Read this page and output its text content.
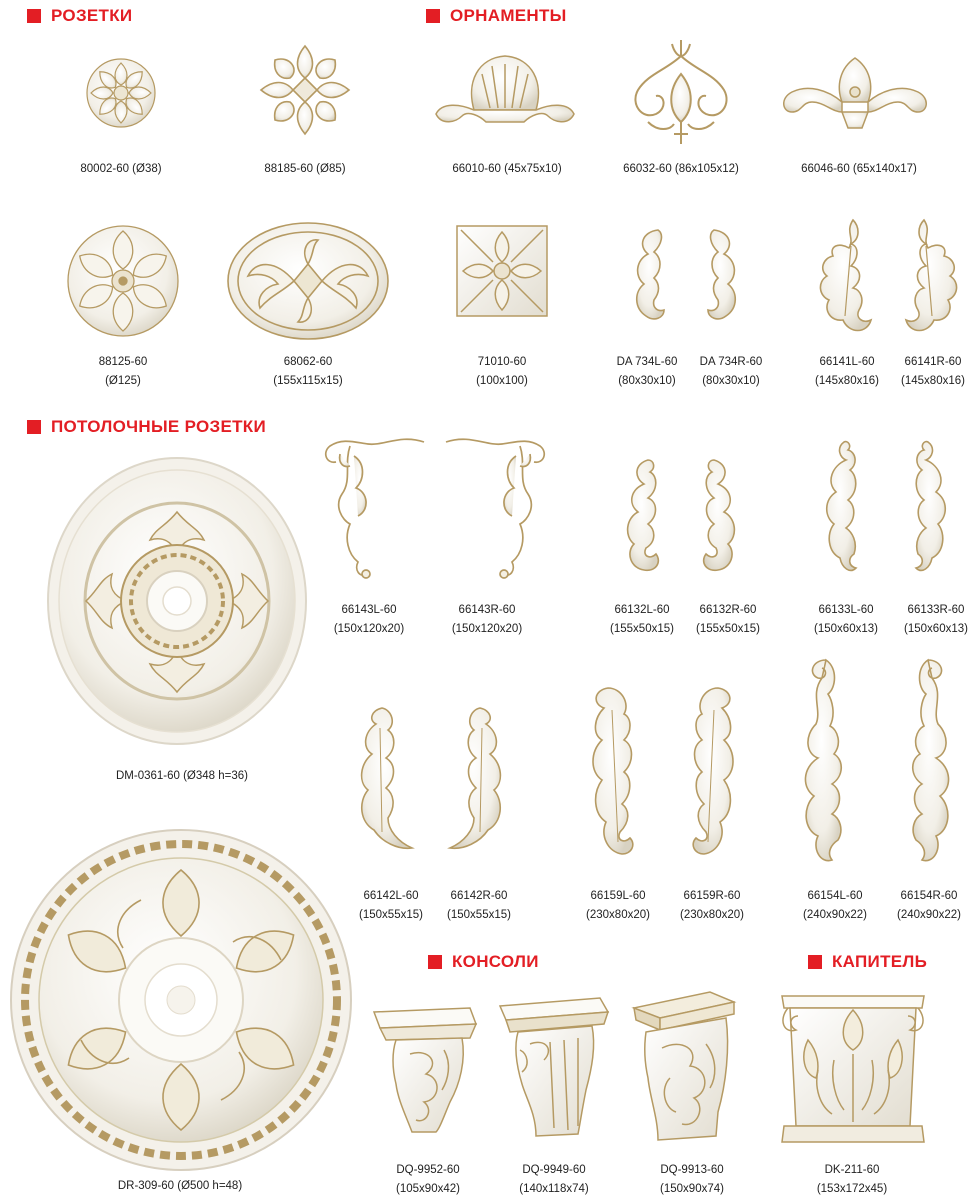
РОЗЕТКИ	ОРНАМЕНТЫ
ПОТОЛОЧНЫЕ РОЗЕТКИ
КОНСОЛИ	КАПИТЕЛЬ
80002-60 (Ø38)	88185-60 (Ø85)	66010-60 (45x75x10)	66032-60 (86x105x12)	66046-60 (65x140x17)
88125-60
(Ø125)
68062-60
(155x115x15)
71010-60
(100x100)
DA 734L-60
(80x30x10)
DA 734R-60
(80x30x10)
66141L-60
(145x80x16)
66141R-60
(145x80x16)
DM-0361-60 (Ø348 h=36)
66143L-60
(150x120x20)
66143R-60
(150x120x20)
66132L-60
(155x50x15)
66132R-60
(155x50x15)
66133L-60
(150x60x13)
66133R-60
(150x60x13)
66142L-60
(150x55x15)
66142R-60
(150x55x15)
66159L-60
(230x80x20)
66159R-60
(230x80x20)
66154L-60
(240x90x22)
66154R-60
(240x90x22)
DR-309-60 (Ø500 h=48)
DQ-9952-60
(105x90x42)
DQ-9949-60
(140x118x74)
DQ-9913-60
(150x90x74)
DK-211-60
(153x172x45)
